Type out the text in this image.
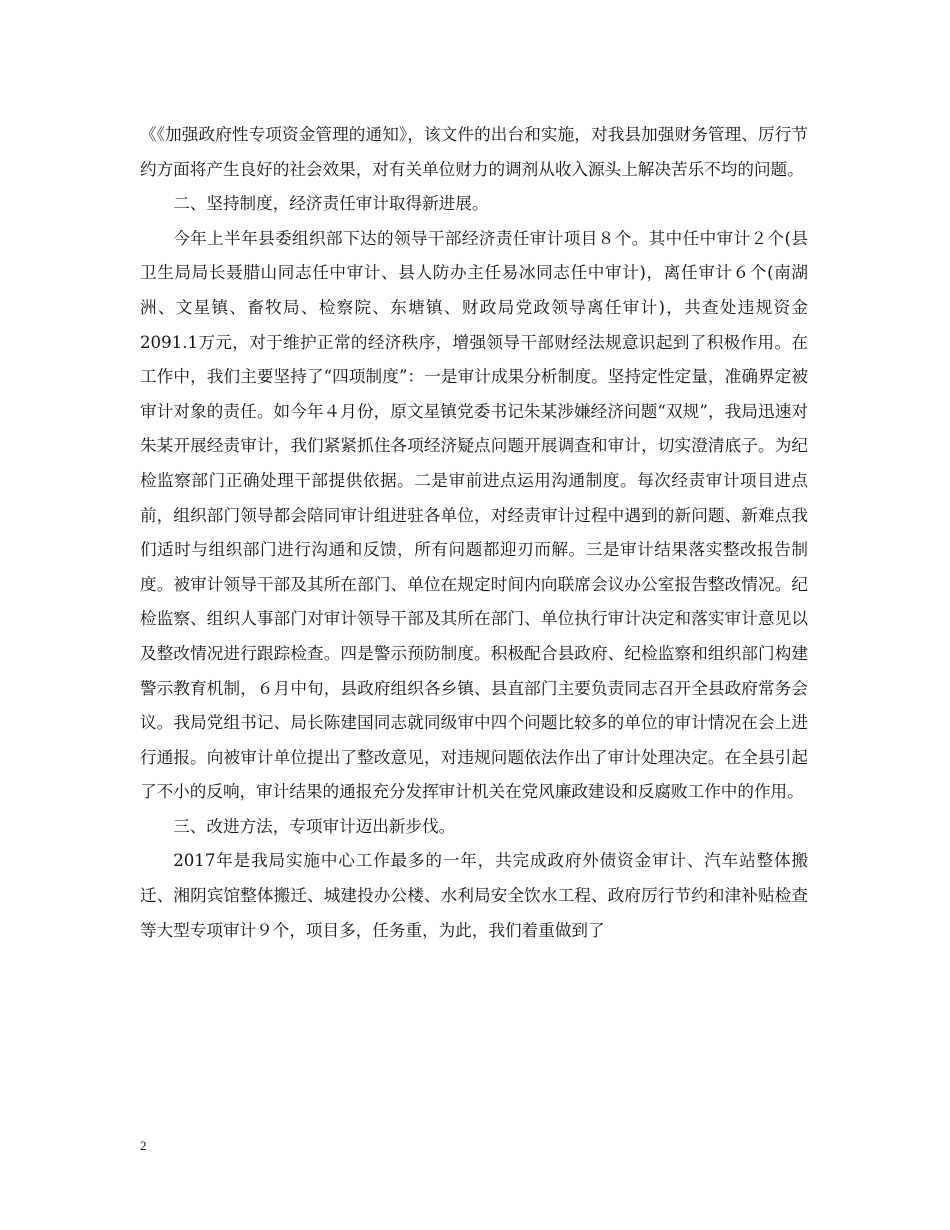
《《加强政府性专项资金管理的通知》，该文件的出台和实施，对我县加强财务管理、厉行节约方面将产生良好的社会效果，对有关单位财力的调剂从收入源头上解决苦乐不均的问题。

二、坚持制度，经济责任审计取得新进展。

今年上半年县委组织部下达的领导干部经济责任审计项目８个。其中任中审计２个(县卫生局局长聂腊山同志任中审计、县人防办主任易冰同志任中审计)，离任审计６个(南湖洲、文星镇、畜牧局、检察院、东塘镇、财政局党政领导离任审计)，共查处违规资金2091.1万元，对于维护正常的经济秩序，增强领导干部财经法规意识起到了积极作用。在工作中，我们主要坚持了“四项制度”：一是审计成果分析制度。坚持定性定量，准确界定被审计对象的责任。如今年４月份，原文星镇党委书记朱某涉嫌经济问题“双规”，我局迅速对朱某开展经责审计，我们紧紧抓住各项经济疑点问题开展调查和审计，切实澄清底子。为纪检监察部门正确处理干部提供依据。二是审前进点运用沟通制度。每次经责审计项目进点前，组织部门领导都会陪同审计组进驻各单位，对经责审计过程中遇到的新问题、新难点我们适时与组织部门进行沟通和反馈，所有问题都迎刃而解。三是审计结果落实整改报告制度。被审计领导干部及其所在部门、单位在规定时间内向联席会议办公室报告整改情况。纪检监察、组织人事部门对审计领导干部及其所在部门、单位执行审计决定和落实审计意见以及整改情况进行跟踪检查。四是警示预防制度。积极配合县政府、纪检监察和组织部门构建警示教育机制，６月中旬，县政府组织各乡镇、县直部门主要负责同志召开全县政府常务会议。我局党组书记、局长陈建国同志就同级审中四个问题比较多的单位的审计情况在会上进行通报。向被审计单位提出了整改意见，对违规问题依法作出了审计处理决定。在全县引起了不小的反响，审计结果的通报充分发挥审计机关在党风廉政建设和反腐败工作中的作用。

三、改进方法，专项审计迈出新步伐。

2017年是我局实施中心工作最多的一年，共完成政府外债资金审计、汽车站整体搬迁、湘阴宾馆整体搬迁、城建投办公楼、水利局安全饮水工程、政府厉行节约和津补贴检查等大型专项审计９个，项目多，任务重，为此，我们着重做到了

2
